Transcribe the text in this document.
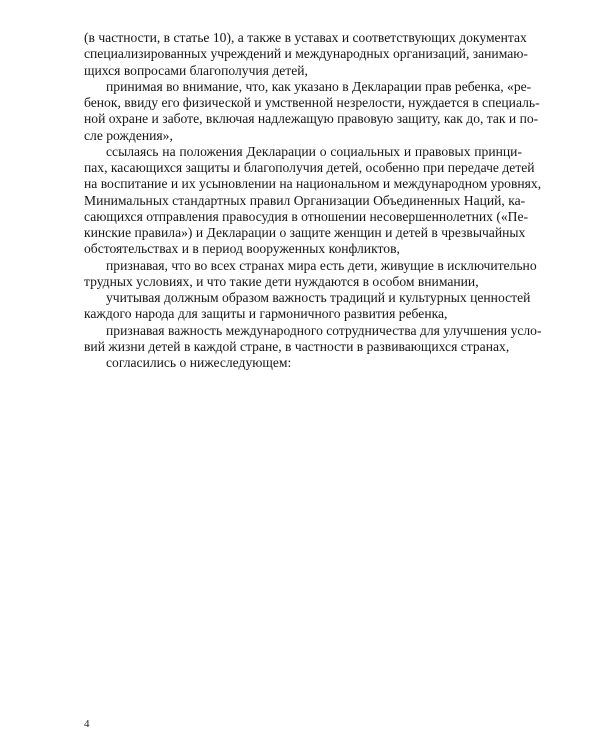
(в частности, в статье 10), а также в уставах и соответствующих документах
специализированных учреждений и международных организаций, занимаю-
щихся вопросами благополучия детей,
принимая во внимание, что, как указано в Декларации прав ребенка, «ре-
бенок, ввиду его физической и умственной незрелости, нуждается в специаль-
ной охране и заботе, включая надлежащую правовую защиту, как до, так и по-
сле рождения»,
ссылаясь на положения Декларации о социальных и правовых принци-
пах, касающихся защиты и благополучия детей, особенно при передаче детей
на воспитание и их усыновлении на национальном и международном уровнях,
Минимальных стандартных правил Организации Объединенных Наций, ка-
сающихся отправления правосудия в отношении несовершеннолетних («Пе-
кинские правила») и Декларации о защите женщин и детей в чрезвычайных
обстоятельствах и в период вооруженных конфликтов,
признавая, что во всех странах мира есть дети, живущие в исключительно
трудных условиях, и что такие дети нуждаются в особом внимании,
учитывая должным образом важность традиций и культурных ценностей
каждого народа для защиты и гармоничного развития ребенка,
признавая важность международного сотрудничества для улучшения усло-
вий жизни детей в каждой стране, в частности в развивающихся странах,
согласились о нижеследующем:
4
